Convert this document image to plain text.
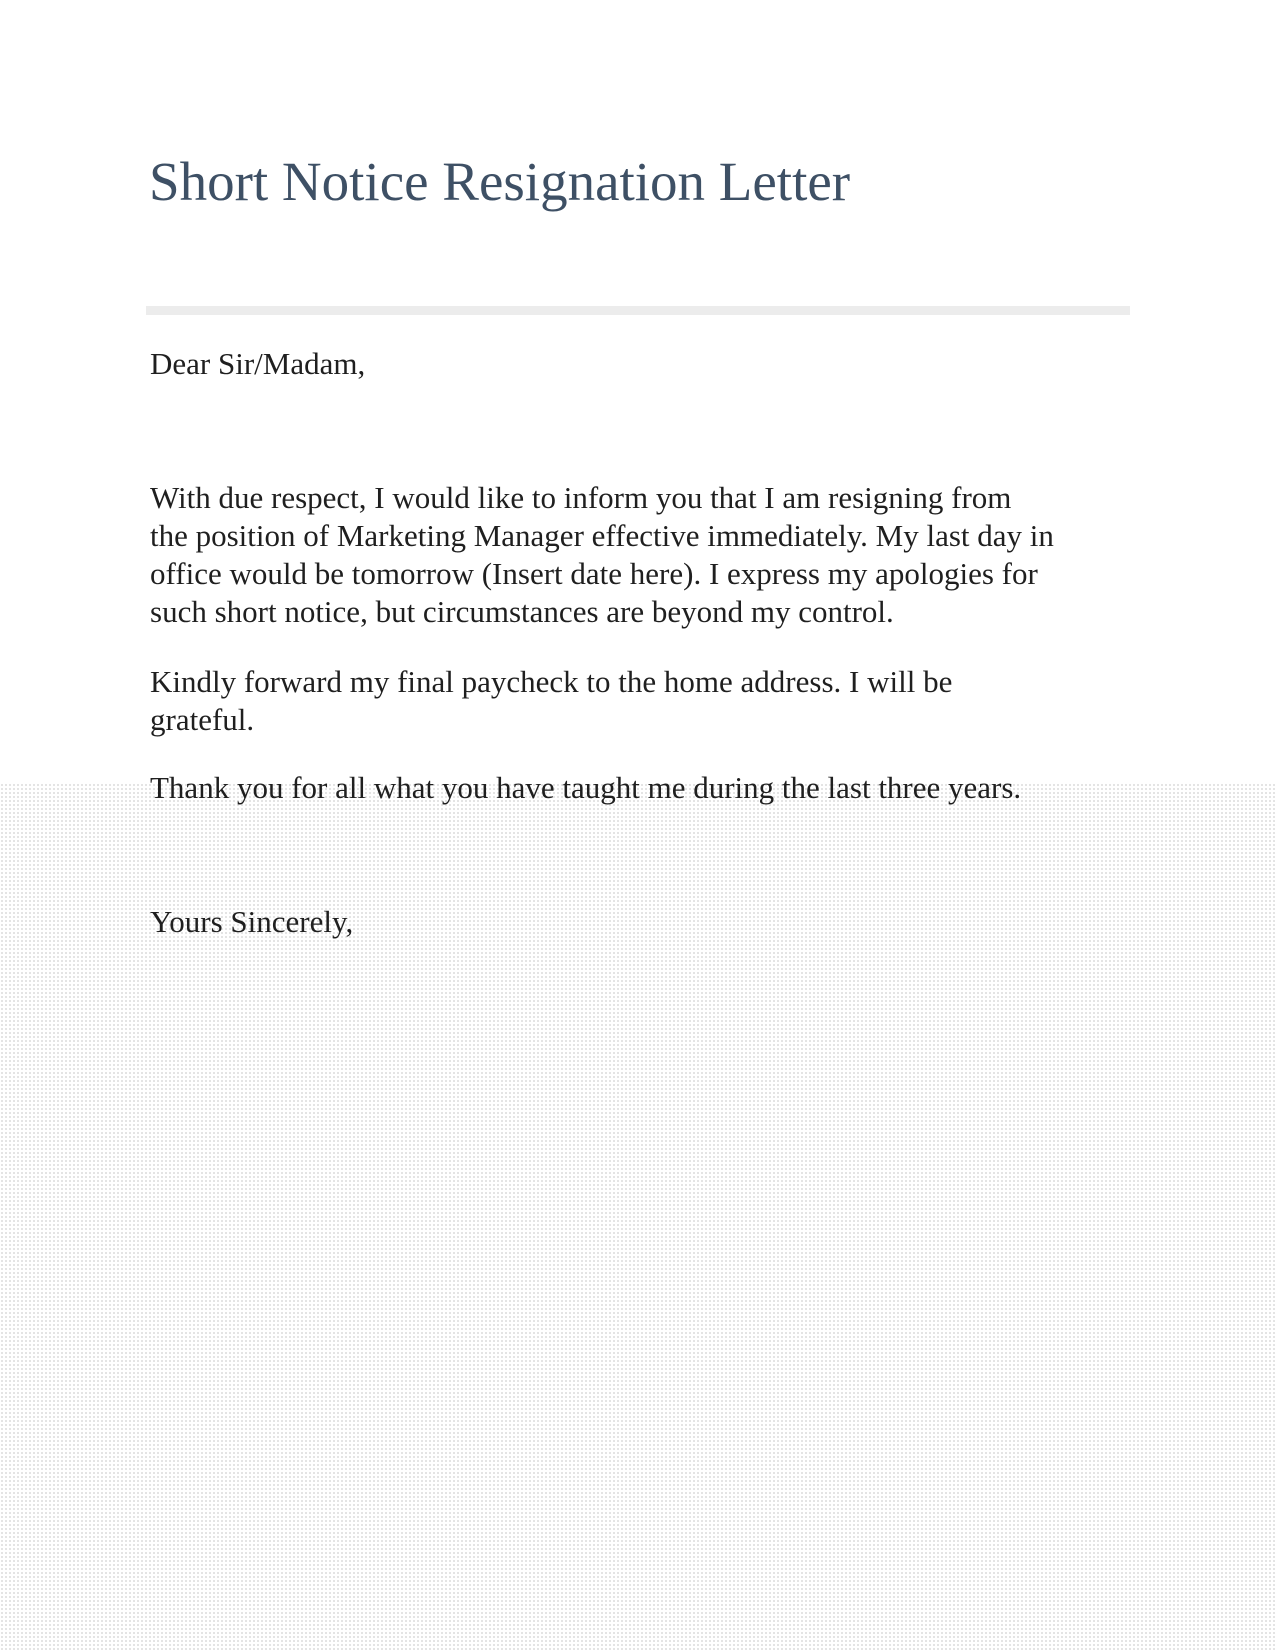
Short Notice Resignation Letter

Dear Sir/Madam,

With due respect, I would like to inform you that I am resigning from
the position of Marketing Manager effective immediately. My last day in
office would be tomorrow (Insert date here). I express my apologies for
such short notice, but circumstances are beyond my control.

Kindly forward my final paycheck to the home address. I will be
grateful.

Thank you for all what you have taught me during the last three years.

Yours Sincerely,
